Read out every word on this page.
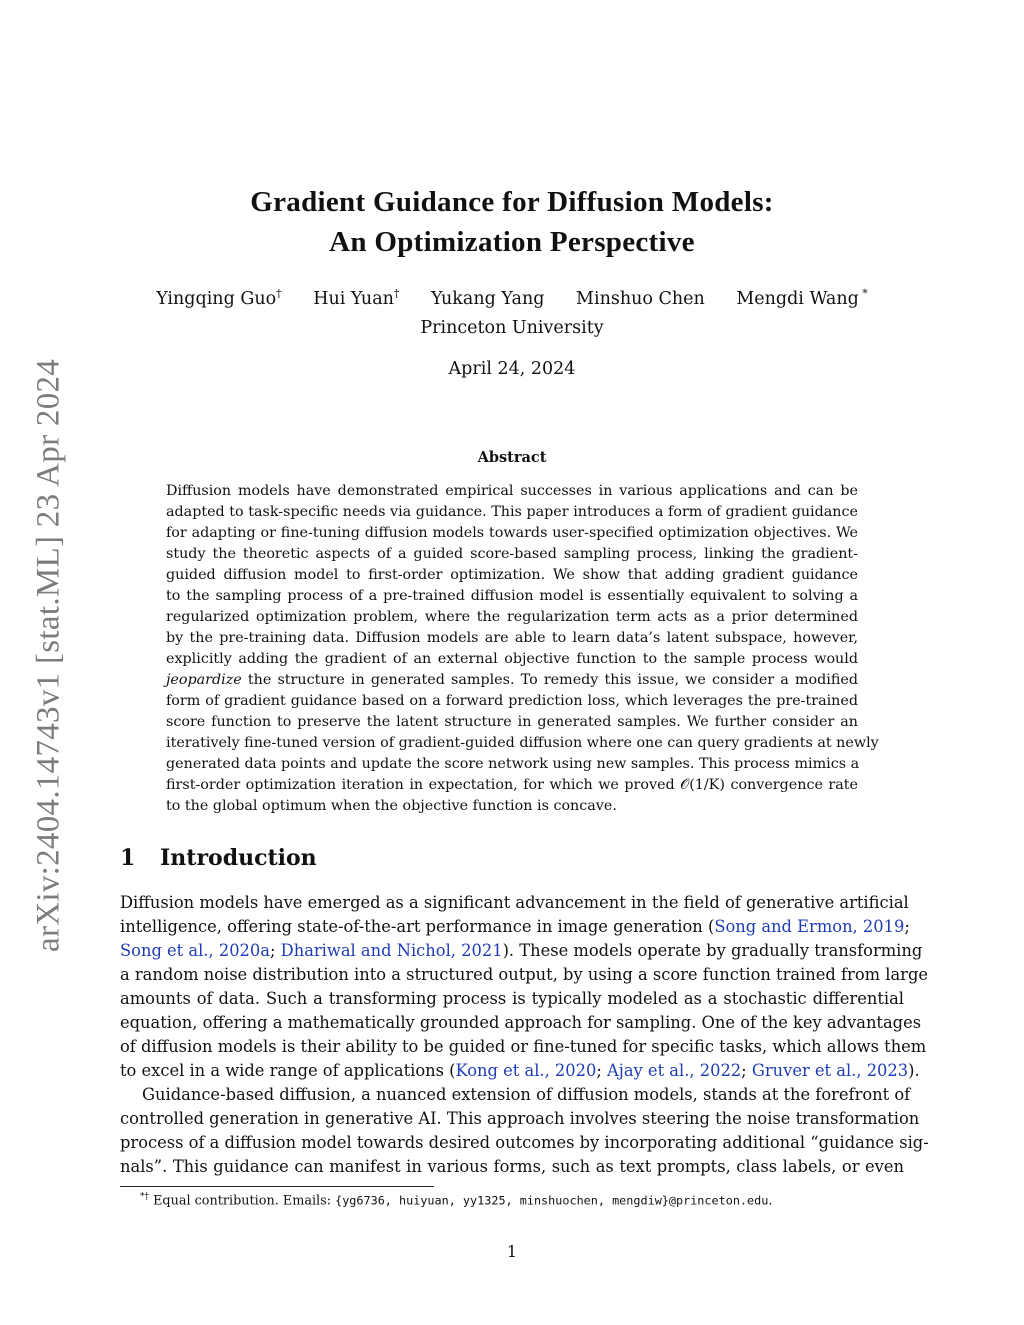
arXiv:2404.14743v1 [stat.ML] 23 Apr 2024
Gradient Guidance for Diffusion Models:
An Optimization Perspective
Yingqing Guo† Hui Yuan† Yukang Yang Minshuo Chen Mengdi Wang *
Princeton University
April 24, 2024
Abstract
Diffusion models have demonstrated empirical successes in various applications and can be
adapted to task-specific needs via guidance. This paper introduces a form of gradient guidance
for adapting or fine-tuning diffusion models towards user-specified optimization objectives. We
study the theoretic aspects of a guided score-based sampling process, linking the gradient-
guided diffusion model to first-order optimization. We show that adding gradient guidance
to the sampling process of a pre-trained diffusion model is essentially equivalent to solving a
regularized optimization problem, where the regularization term acts as a prior determined
by the pre-training data. Diffusion models are able to learn data’s latent subspace, however,
explicitly adding the gradient of an external objective function to the sample process would
jeopardize the structure in generated samples. To remedy this issue, we consider a modified
form of gradient guidance based on a forward prediction loss, which leverages the pre-trained
score function to preserve the latent structure in generated samples. We further consider an
iteratively fine-tuned version of gradient-guided diffusion where one can query gradients at newly
generated data points and update the score network using new samples. This process mimics a
first-order optimization iteration in expectation, for which we proved 𝒪(1/K) convergence rate
to the global optimum when the objective function is concave.
1 Introduction
Diffusion models have emerged as a significant advancement in the field of generative artificial
intelligence, offering state-of-the-art performance in image generation (Song and Ermon, 2019;
Song et al., 2020a; Dhariwal and Nichol, 2021). These models operate by gradually transforming
a random noise distribution into a structured output, by using a score function trained from large
amounts of data. Such a transforming process is typically modeled as a stochastic differential
equation, offering a mathematically grounded approach for sampling. One of the key advantages
of diffusion models is their ability to be guided or fine-tuned for specific tasks, which allows them
to excel in a wide range of applications (Kong et al., 2020; Ajay et al., 2022; Gruver et al., 2023).
Guidance-based diffusion, a nuanced extension of diffusion models, stands at the forefront of
controlled generation in generative AI. This approach involves steering the noise transformation
process of a diffusion model towards desired outcomes by incorporating additional “guidance sig-
nals”. This guidance can manifest in various forms, such as text prompts, class labels, or even
*† Equal contribution. Emails: {yg6736, huiyuan, yy1325, minshuochen, mengdiw}@princeton.edu.
1
